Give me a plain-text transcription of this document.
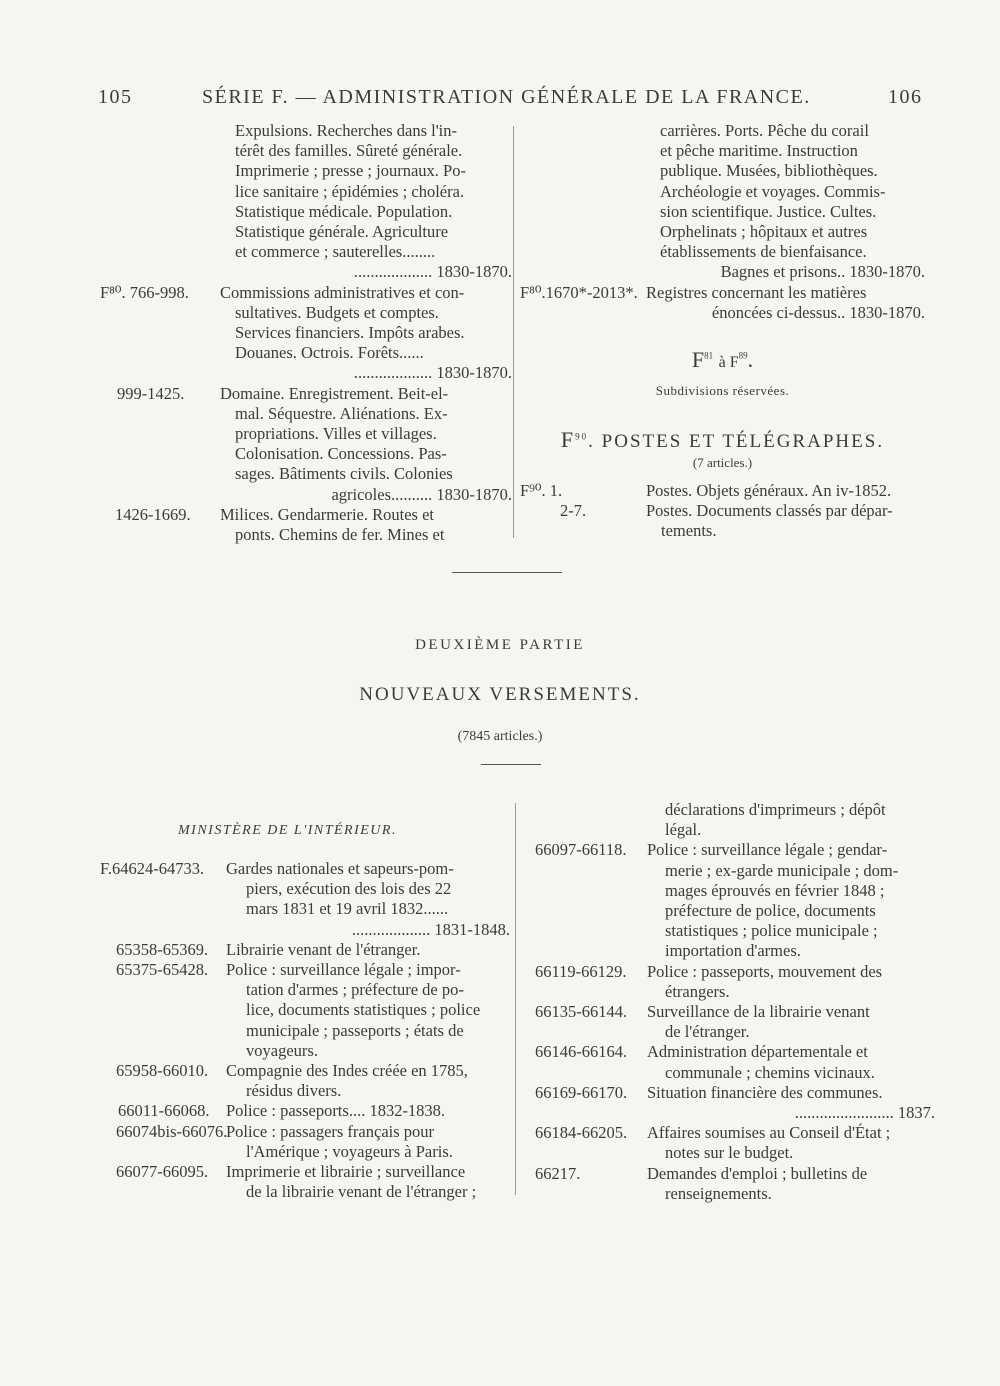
105	SÉRIE F. — ADMINISTRATION GÉNÉRALE DE LA FRANCE.	106
Expulsions. Recherches dans l'in-
térêt des familles. Sûreté générale.
Imprimerie ; presse ; journaux. Po-
lice sanitaire ; épidémies ; choléra.
Statistique médicale. Population.
Statistique générale. Agriculture
et commerce ; sauterelles........
................... 1830-1870.
F⁸⁰. 766-998. Commissions administratives et con-
sultatives. Budgets et comptes.
Services financiers. Impôts arabes.
Douanes. Octrois. Forêts......
................... 1830-1870.
999-1425. Domaine. Enregistrement. Beit-el-
mal. Séquestre. Aliénations. Ex-
propriations. Villes et villages.
Colonisation. Concessions. Pas-
sages. Bâtiments civils. Colonies
agricoles.......... 1830-1870.
1426-1669. Milices. Gendarmerie. Routes et
ponts. Chemins de fer. Mines et
carrières. Ports. Pêche du corail
et pêche maritime. Instruction
publique. Musées, bibliothèques.
Archéologie et voyages. Commis-
sion scientifique. Justice. Cultes.
Orphelinats ; hôpitaux et autres
établissements de bienfaisance.
Bagnes et prisons.. 1830-1870.
F⁸⁰.1670*-2013*. Registres concernant les matières
énoncées ci-dessus.. 1830-1870.
$F^{81}$ à $F^{89}$.
Subdivisions réservées.
$F^{90}$. POSTES ET TÉLÉGRAPHES.
(7 articles.)
F⁹⁰. 1.	Postes. Objets généraux. An iv-1852.
2-7.	Postes. Documents classés par dépar-
tements.
DEUXIÈME PARTIE
NOUVEAUX VERSEMENTS.
(7845 articles.)
MINISTÈRE DE L'INTÉRIEUR.
F.64624-64733. Gardes nationales et sapeurs-pom-
piers, exécution des lois des 22
mars 1831 et 19 avril 1832......
................... 1831-1848.
65358-65369. Librairie venant de l'étranger.
65375-65428. Police : surveillance légale ; impor-
tation d'armes ; préfecture de po-
lice, documents statistiques ; police
municipale ; passeports ; états de
voyageurs.
65958-66010. Compagnie des Indes créée en 1785,
résidus divers.
66011-66068. Police : passeports.... 1832-1838.
66074bis-66076.
Police : passagers français pour
l'Amérique ; voyageurs à Paris.
66077-66095. Imprimerie et librairie ; surveillance
de la librairie venant de l'étranger ;
déclarations d'imprimeurs ; dépôt
légal.
66097-66118. Police : surveillance légale ; gendar-
merie ; ex-garde municipale ; dom-
mages éprouvés en février 1848 ;
préfecture de police, documents
statistiques ; police municipale ;
importation d'armes.
66119-66129. Police : passeports, mouvement des
étrangers.
66135-66144. Surveillance de la librairie venant
de l'étranger.
66146-66164. Administration départementale et
communale ; chemins vicinaux.
66169-66170. Situation financière des communes.
........................ 1837.
66184-66205. Affaires soumises au Conseil d'État ;
notes sur le budget.
66217.	Demandes d'emploi ; bulletins de
renseignements.
